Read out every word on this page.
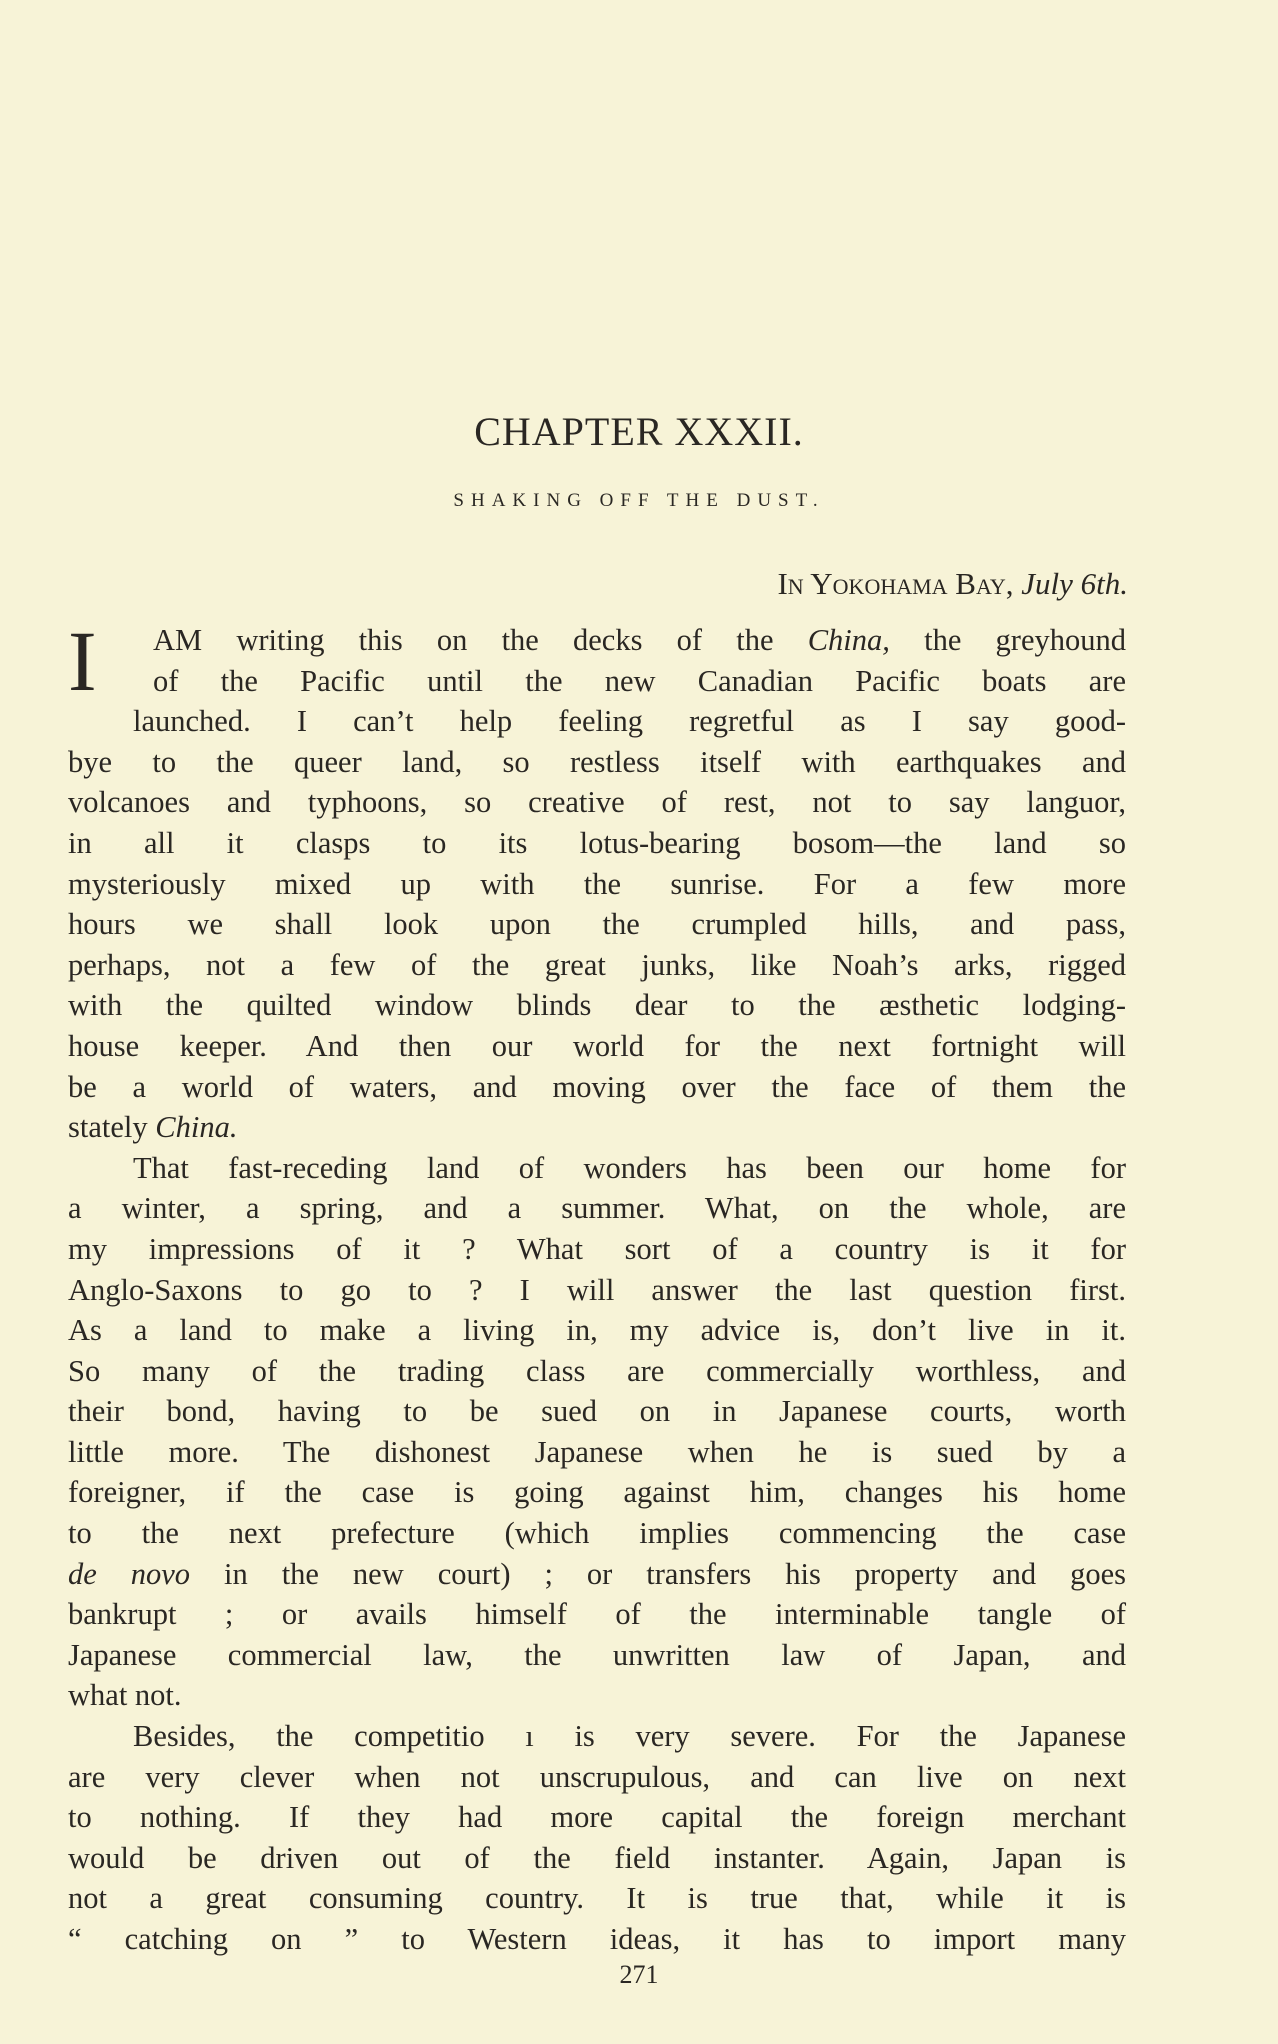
CHAPTER XXXII.
SHAKING OFF THE DUST.

In Yokohama Bay, July 6th.

I	AM writing this on the decks of the China, the greyhound
of the Pacific until the new Canadian Pacific boats are
launched. I can’t help feeling regretful as I say good-
bye to the queer land, so restless itself with earthquakes and
volcanoes and typhoons, so creative of rest, not to say languor,
in all it clasps to its lotus-bearing bosom—the land so
mysteriously mixed up with the sunrise. For a few more
hours we shall look upon the crumpled hills, and pass,
perhaps, not a few of the great junks, like Noah’s arks, rigged
with the quilted window blinds dear to the æsthetic lodging-
house keeper. And then our world for the next fortnight will
be a world of waters, and moving over the face of them the
stately China.
That fast-receding land of wonders has been our home for
a winter, a spring, and a summer. What, on the whole, are
my impressions of it ? What sort of a country is it for
Anglo-Saxons to go to ? I will answer the last question first.
As a land to make a living in, my advice is, don’t live in it.
So many of the trading class are commercially worthless, and
their bond, having to be sued on in Japanese courts, worth
little more. The dishonest Japanese when he is sued by a
foreigner, if the case is going against him, changes his home
to the next prefecture (which implies commencing the case
de novo in the new court) ; or transfers his property and goes
bankrupt ; or avails himself of the interminable tangle of
Japanese commercial law, the unwritten law of Japan, and
what not.
Besides, the competitio ı is very severe. For the Japanese
are very clever when not unscrupulous, and can live on next
to nothing. If they had more capital the foreign merchant
would be driven out of the field instanter. Again, Japan is
not a great consuming country. It is true that, while it is
“ catching on ” to Western ideas, it has to import many

271
